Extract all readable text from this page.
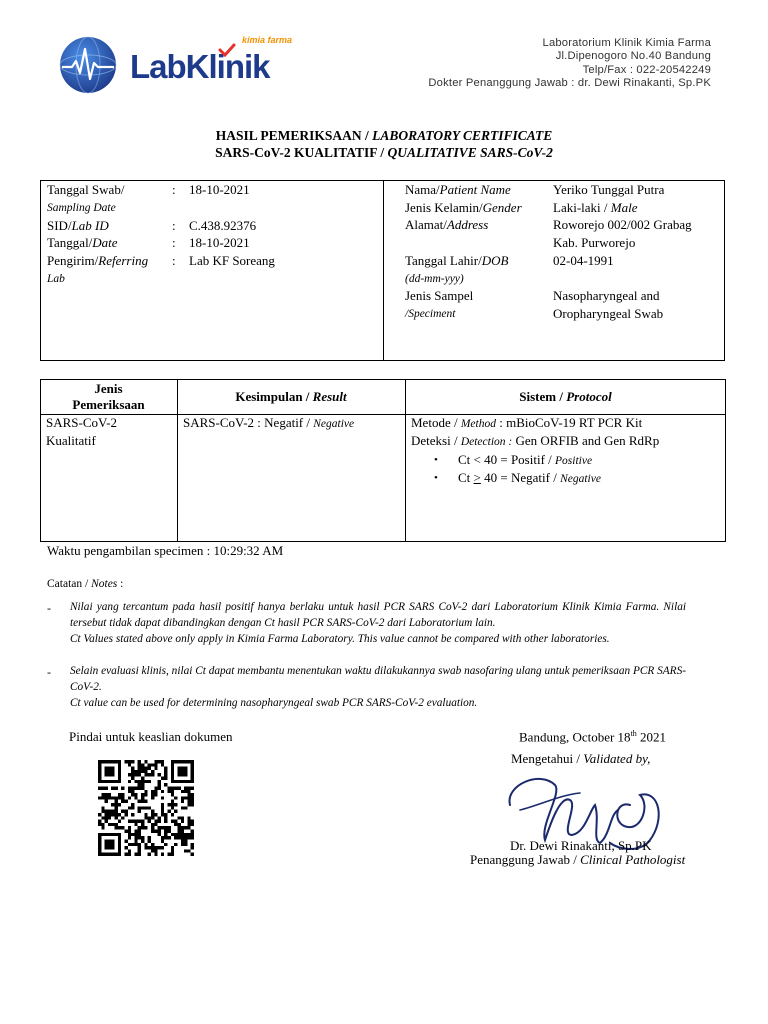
LabKlinik
kimia farma	Laboratorium Klinik Kimia Farma
Jl.Dipenogoro No.40 Bandung
Telp/Fax : 022-20542249
Dokter Penanggung Jawab : dr. Dewi Rinakanti, Sp.PK
HASIL PEMERIKSAAN / LABORATORY CERTIFICATE
SARS-CoV-2 KUALITATIF / QUALITATIVE SARS-CoV-2
Tanggal Swab/
Sampling Date
: 18-10-2021
SID/Lab ID	: C.438.92376
Tanggal/Date	: 18-10-2021
Pengirim/Referring
Lab
: Lab KF Soreang
Nama/Patient Name	Yeriko Tunggal Putra
Jenis Kelamin/Gender Laki-laki / Male
Alamat/Address	Roworejo 002/002 Grabag
Kab. Purworejo
Tanggal Lahir/DOB
(dd-mm-yyy)
02-04-1991
Jenis Sampel
/Speciment
Nasopharyngeal and
Oropharyngeal Swab
Jenis
Pemeriksaan
Kesimpulan / Result	Sistem / Protocol
SARS-CoV-2
Kualitatif
SARS-CoV-2 : Negatif / Negative	Metode / Method : mBioCoV-19 RT PCR Kit
Deteksi / Detection : Gen ORFIB and Gen RdRp
• Ct < 40 = Positif / Positive
• Ct ≥ 40 = Negatif / Negative
Waktu pengambilan specimen : 10:29:32 AM
Catatan / Notes :
- Nilai yang tercantum pada hasil positif hanya berlaku untuk hasil PCR SARS CoV-2 dari Laboratorium Klinik Kimia Farma. Nilai tersebut tidak dapat dibandingkan dengan Ct hasil PCR SARS-CoV-2 dari Laboratorium lain.
Ct Values stated above only apply in Kimia Farma Laboratory. This value cannot be compared with other laboratories.
- Selain evaluasi klinis, nilai Ct dapat membantu menentukan waktu dilakukannya swab nasofaring ulang untuk pemeriksaan PCR SARS-CoV-2.
Ct value can be used for determining nasopharyngeal swab PCR SARS-CoV-2 evaluation.
Pindai untuk keaslian dokumen	Bandung, October 18th 2021
Mengetahui / Validated by,
Dr. Dewi Rinakanti, Sp.PK
Penanggung Jawab / Clinical Pathologist
